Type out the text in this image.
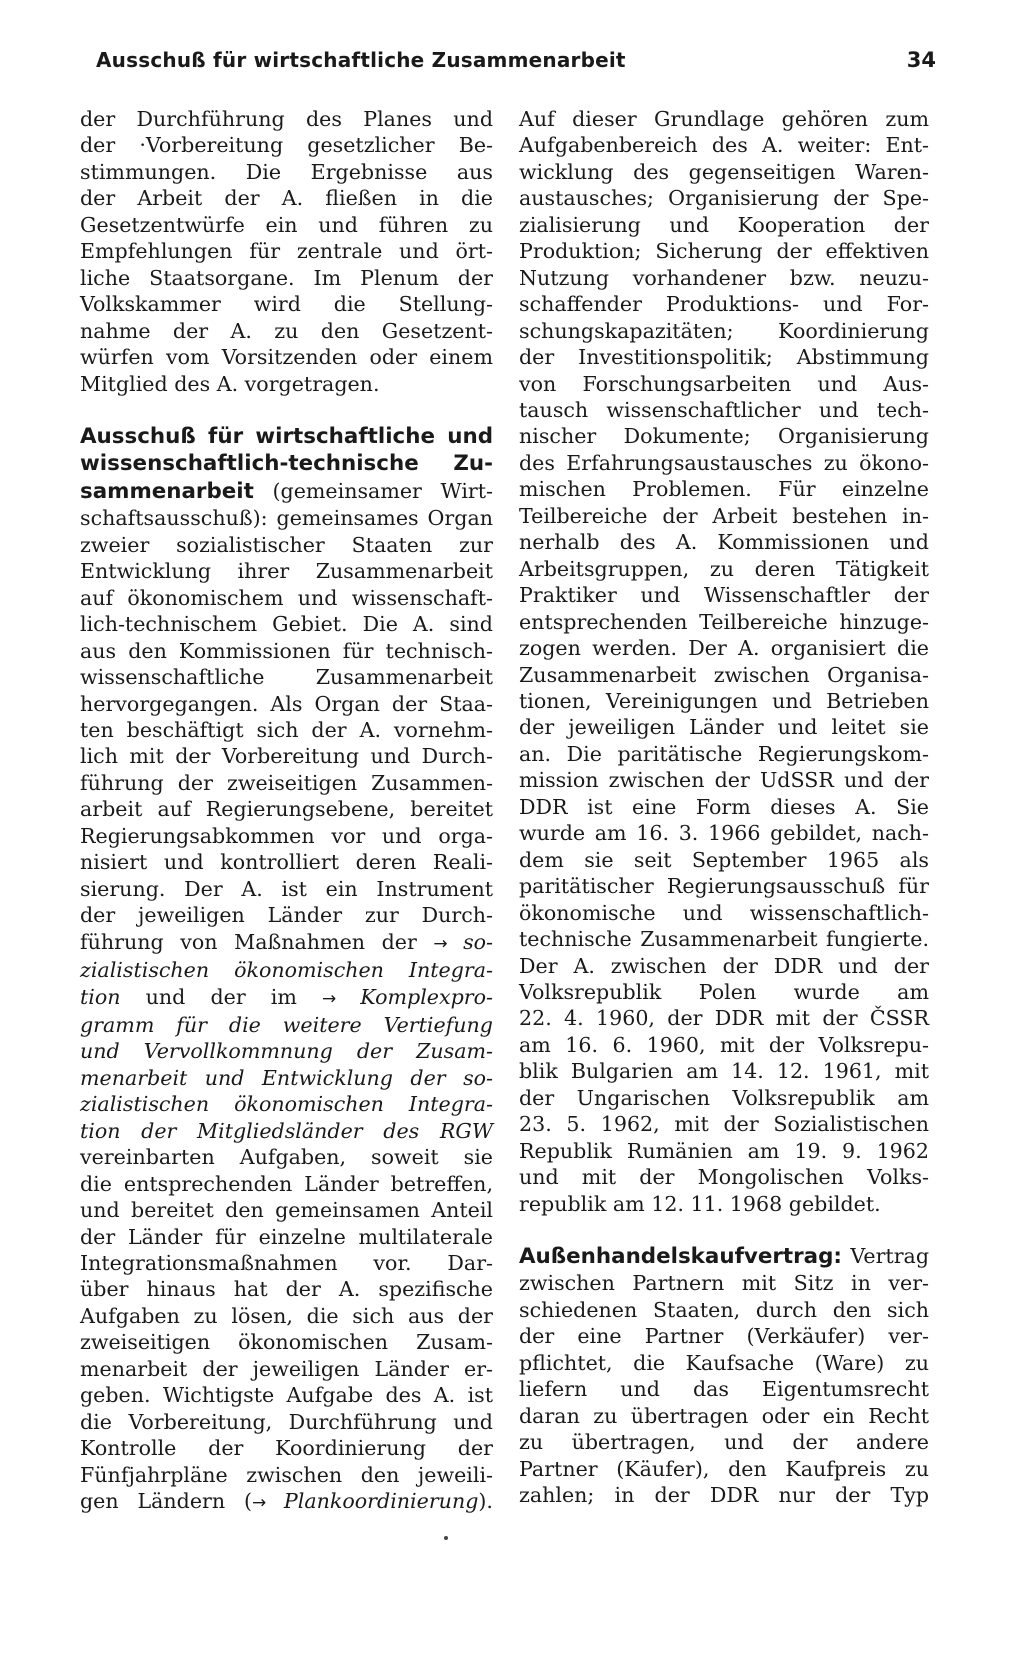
Ausschuß für wirtschaftliche Zusammenarbeit	34

der Durchführung des Planes und

der ·Vorbereitung gesetzlicher Be-

stimmungen. Die Ergebnisse aus

der Arbeit der A. fließen in die

Gesetzentwürfe ein und führen zu

Empfehlungen für zentrale und ört-

liche Staatsorgane. Im Plenum der

Volkskammer wird die Stellung-

nahme der A. zu den Gesetzent-

würfen vom Vorsitzenden oder einem

Mitglied des A. vorgetragen.

Ausschuß für wirtschaftliche und

wissenschaftlich-technische Zu-

sammenarbeit (gemeinsamer Wirt-

schaftsausschuß): gemeinsames Organ

zweier sozialistischer Staaten zur

Entwicklung ihrer Zusammenarbeit

auf ökonomischem und wissenschaft-

lich-technischem Gebiet. Die A. sind

aus den Kommissionen für technisch-

wissenschaftliche Zusammenarbeit

hervorgegangen. Als Organ der Staa-

ten beschäftigt sich der A. vornehm-

lich mit der Vorbereitung und Durch-

führung der zweiseitigen Zusammen-

arbeit auf Regierungsebene, bereitet

Regierungsabkommen vor und orga-

nisiert und kontrolliert deren Reali-

sierung. Der A. ist ein Instrument

der jeweiligen Länder zur Durch-

führung von Maßnahmen der → so-

zialistischen ökonomischen Integra-

tion und der im → Komplexpro-

gramm für die weitere Vertiefung

und Vervollkommnung der Zusam-

menarbeit und Entwicklung der so-

zialistischen ökonomischen Integra-

tion der Mitgliedsländer des RGW

vereinbarten Aufgaben, soweit sie

die entsprechenden Länder betreffen,

und bereitet den gemeinsamen Anteil

der Länder für einzelne multilaterale

Integrationsmaßnahmen vor. Dar-

über hinaus hat der A. spezifische

Aufgaben zu lösen, die sich aus der

zweiseitigen ökonomischen Zusam-

menarbeit der jeweiligen Länder er-

geben. Wichtigste Aufgabe des A. ist

die Vorbereitung, Durchführung und

Kontrolle der Koordinierung der

Fünfjahrpläne zwischen den jeweili-

gen Ländern (→ Plankoordinierung).

Auf dieser Grundlage gehören zum

Aufgabenbereich des A. weiter: Ent-

wicklung des gegenseitigen Waren-

austausches; Organisierung der Spe-

zialisierung und Kooperation der

Produktion; Sicherung der effektiven

Nutzung vorhandener bzw. neuzu-

schaffender Produktions- und For-

schungskapazitäten; Koordinierung

der Investitionspolitik; Abstimmung

von Forschungsarbeiten und Aus-

tausch wissenschaftlicher und tech-

nischer Dokumente; Organisierung

des Erfahrungsaustausches zu ökono-

mischen Problemen. Für einzelne

Teilbereiche der Arbeit bestehen in-

nerhalb des A. Kommissionen und

Arbeitsgruppen, zu deren Tätigkeit

Praktiker und Wissenschaftler der

entsprechenden Teilbereiche hinzuge-

zogen werden. Der A. organisiert die

Zusammenarbeit zwischen Organisa-

tionen, Vereinigungen und Betrieben

der jeweiligen Länder und leitet sie

an. Die paritätische Regierungskom-

mission zwischen der UdSSR und der

DDR ist eine Form dieses A. Sie

wurde am 16. 3. 1966 gebildet, nach-

dem sie seit September 1965 als

paritätischer Regierungsausschuß für

ökonomische und wissenschaftlich-

technische Zusammenarbeit fungierte.

Der A. zwischen der DDR und der

Volksrepublik Polen wurde am

22. 4. 1960, der DDR mit der ČSSR

am 16. 6. 1960, mit der Volksrepu-

blik Bulgarien am 14. 12. 1961, mit

der Ungarischen Volksrepublik am

23. 5. 1962, mit der Sozialistischen

Republik Rumänien am 19. 9. 1962

und mit der Mongolischen Volks-

republik am 12. 11. 1968 gebildet.

Außenhandelskaufvertrag: Vertrag

zwischen Partnern mit Sitz in ver-

schiedenen Staaten, durch den sich

der eine Partner (Verkäufer) ver-

pflichtet, die Kaufsache (Ware) zu

liefern und das Eigentumsrecht

daran zu übertragen oder ein Recht

zu übertragen, und der andere

Partner (Käufer), den Kaufpreis zu

zahlen; in der DDR nur der Typ
